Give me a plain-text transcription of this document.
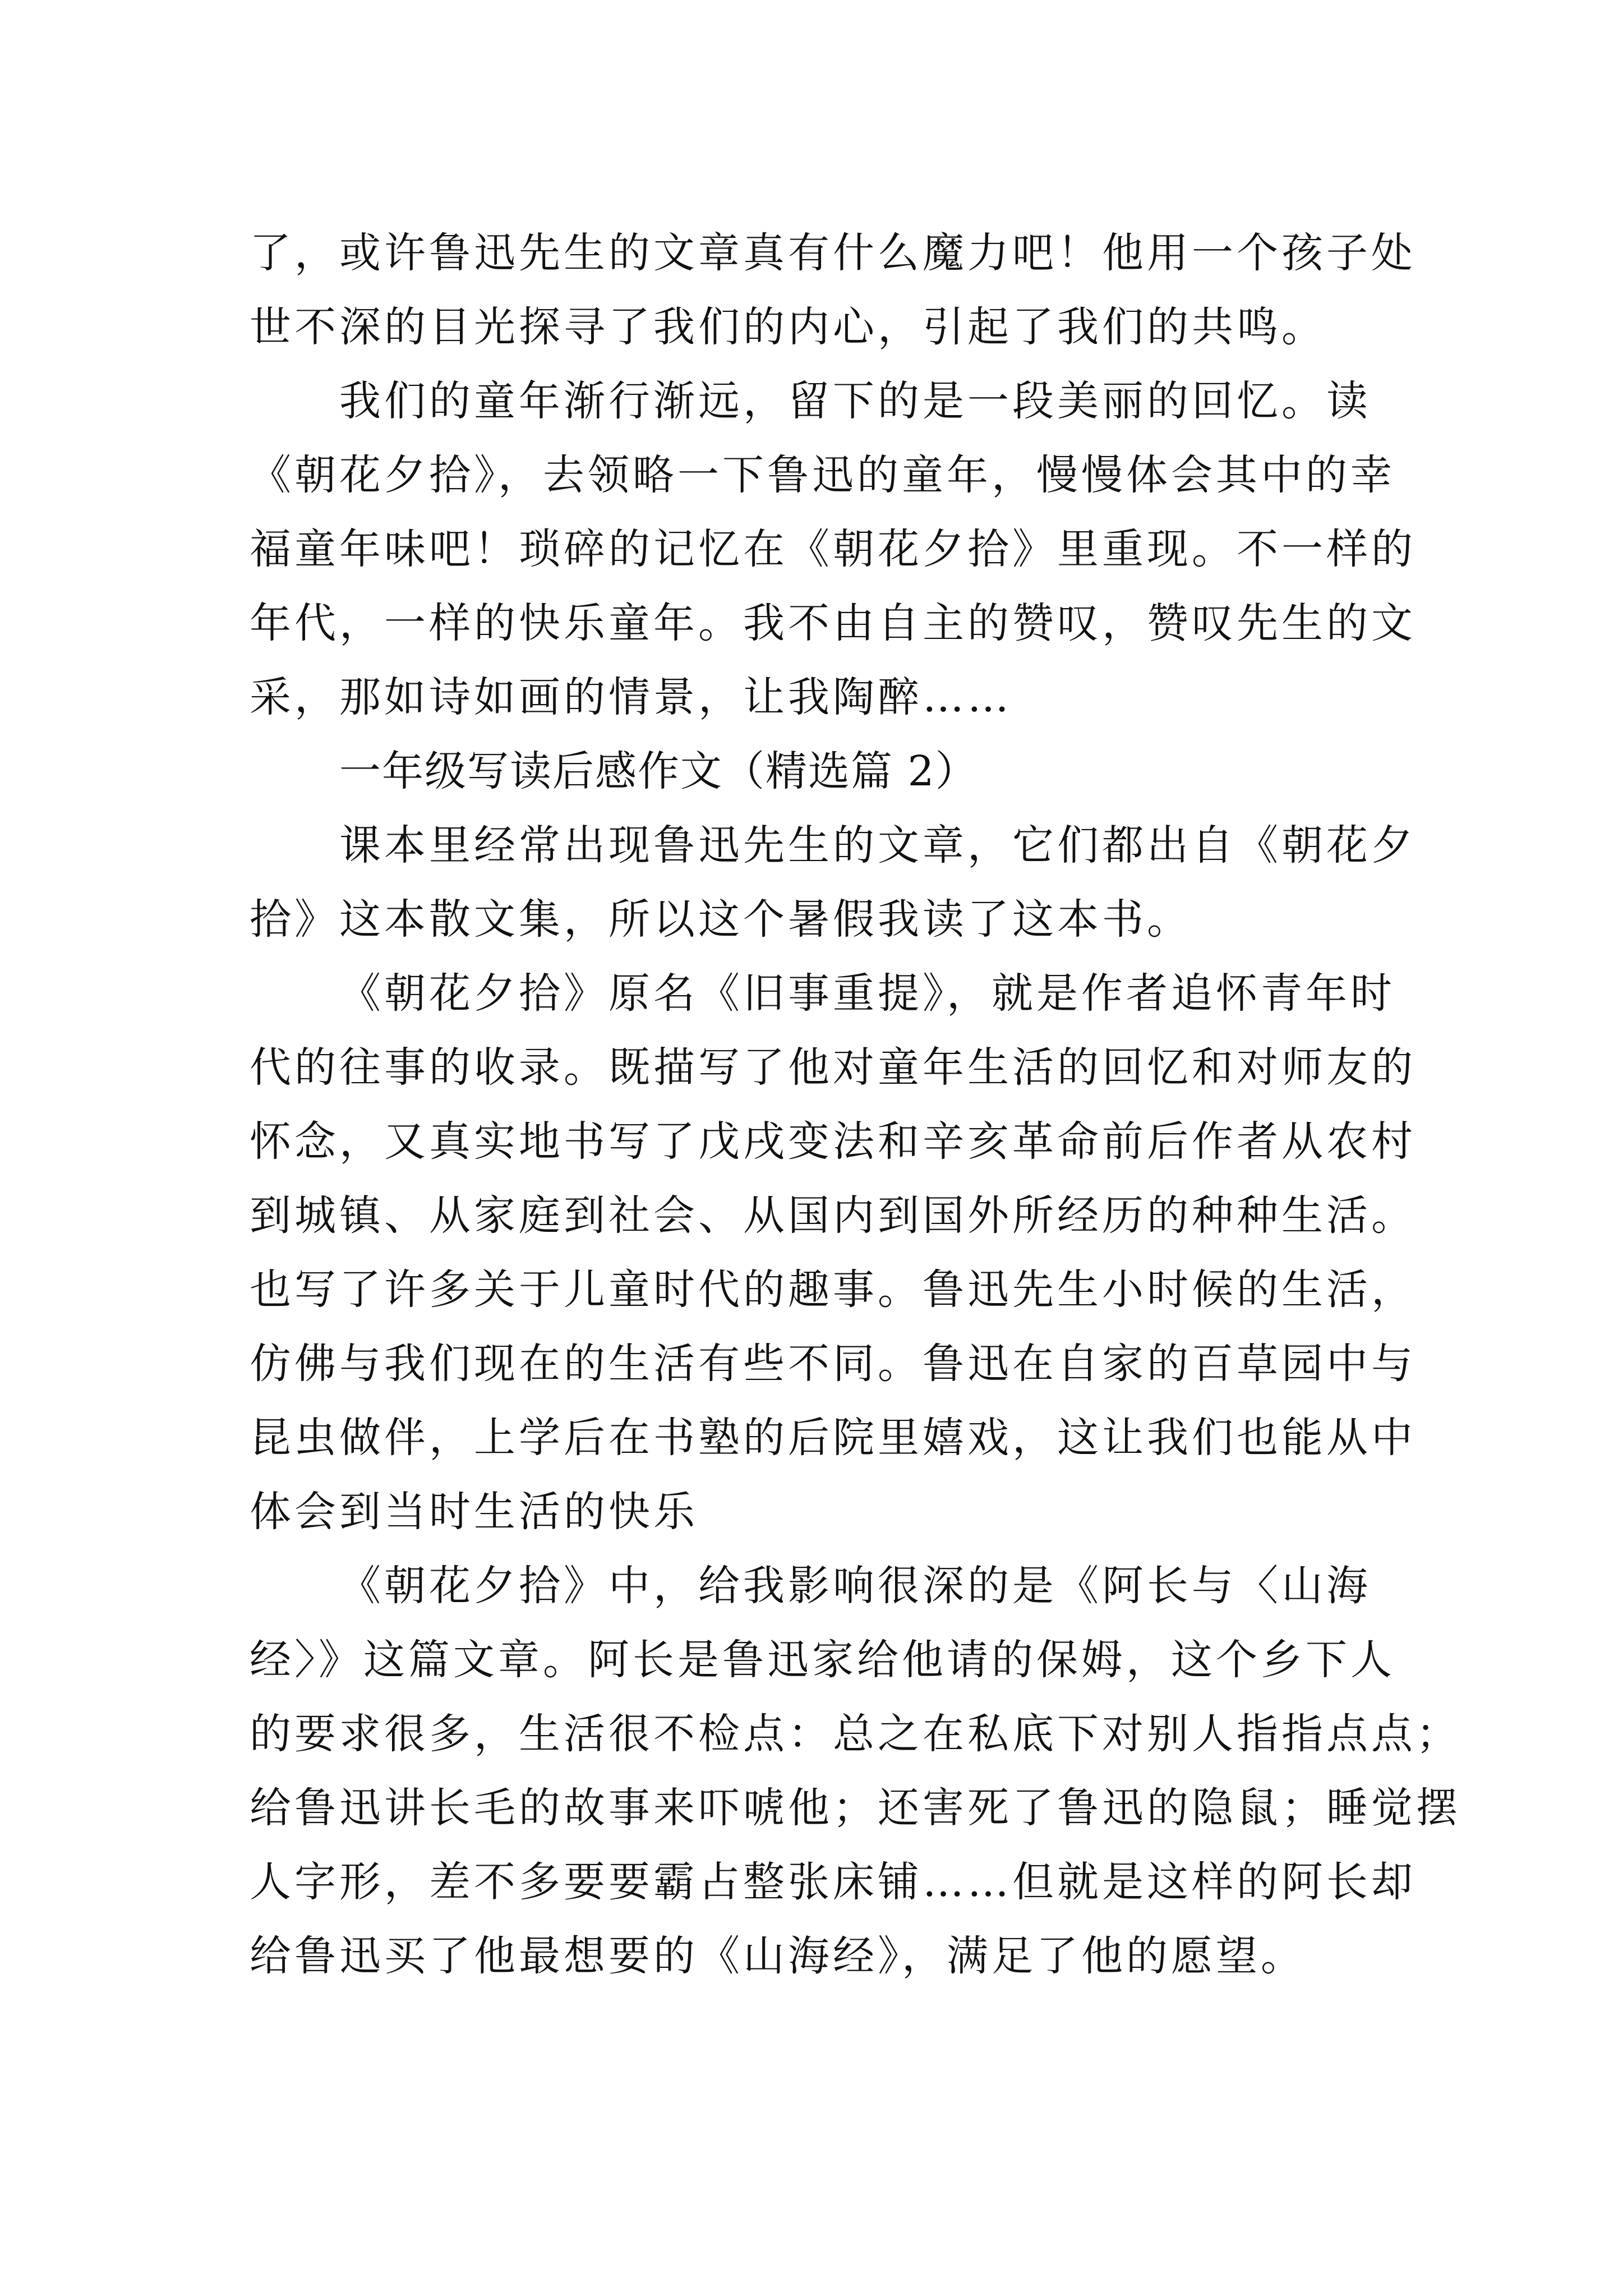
了，或许鲁迅先生的文章真有什么魔力吧！他用一个孩子处
世不深的目光探寻了我们的内心，引起了我们的共鸣。
我们的童年渐行渐远，留下的是一段美丽的回忆。读
《朝花夕拾》，去领略一下鲁迅的童年，慢慢体会其中的幸
福童年味吧！琐碎的记忆在《朝花夕拾》里重现。不一样的
年代，一样的快乐童年。我不由自主的赞叹，赞叹先生的文
采，那如诗如画的情景，让我陶醉……
一年级写读后感作文（精选篇 2）
课本里经常出现鲁迅先生的文章，它们都出自《朝花夕
拾》这本散文集，所以这个暑假我读了这本书。
《朝花夕拾》原名《旧事重提》，就是作者追怀青年时
代的往事的收录。既描写了他对童年生活的回忆和对师友的
怀念，又真实地书写了戊戌变法和辛亥革命前后作者从农村
到城镇、从家庭到社会、从国内到国外所经历的种种生活。
也写了许多关于儿童时代的趣事。鲁迅先生小时候的生活，
仿佛与我们现在的生活有些不同。鲁迅在自家的百草园中与
昆虫做伴，上学后在书塾的后院里嬉戏，这让我们也能从中
体会到当时生活的快乐
《朝花夕拾》中，给我影响很深的是《阿长与〈山海
经〉》这篇文章。阿长是鲁迅家给他请的保姆，这个乡下人
的要求很多，生活很不检点：总之在私底下对别人指指点点；
给鲁迅讲长毛的故事来吓唬他；还害死了鲁迅的隐鼠；睡觉摆
人字形，差不多要要霸占整张床铺……但就是这样的阿长却
给鲁迅买了他最想要的《山海经》，满足了他的愿望。
